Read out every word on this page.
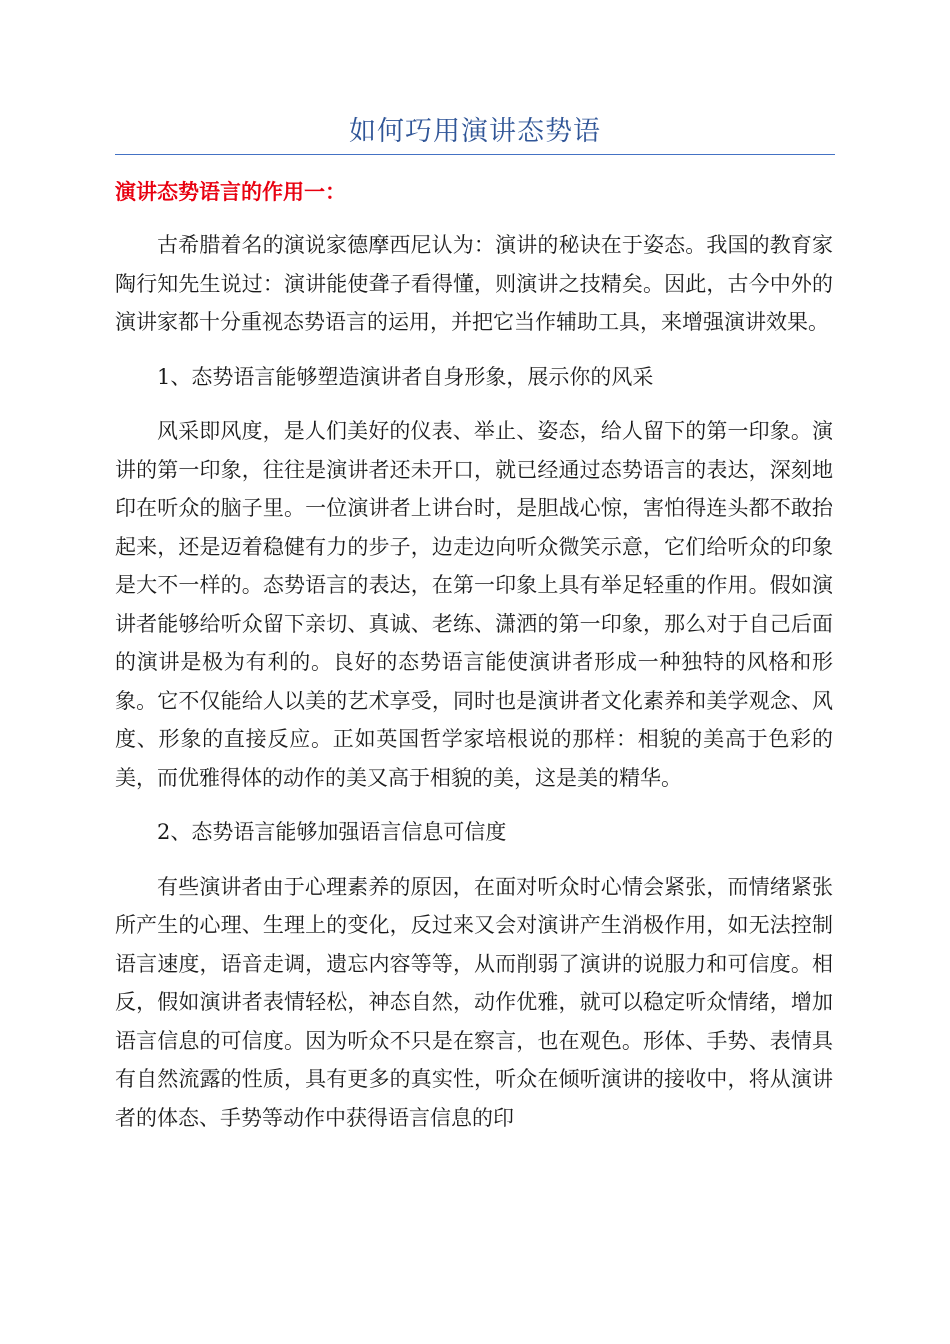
如何巧用演讲态势语
演讲态势语言的作用一：

古希腊着名的演说家德摩西尼认为：演讲的秘诀在于姿态。我国的教育家陶行知先生说过：演讲能使聋子看得懂，则演讲之技精矣。因此，古今中外的演讲家都十分重视态势语言的运用，并把它当作辅助工具，来增强演讲效果。

1、态势语言能够塑造演讲者自身形象，展示你的风采

风采即风度，是人们美好的仪表、举止、姿态，给人留下的第一印象。演讲的第一印象，往往是演讲者还未开口，就已经通过态势语言的表达，深刻地印在听众的脑子里。一位演讲者上讲台时，是胆战心惊，害怕得连头都不敢抬起来，还是迈着稳健有力的步子，边走边向听众微笑示意，它们给听众的印象是大不一样的。态势语言的表达，在第一印象上具有举足轻重的作用。假如演讲者能够给听众留下亲切、真诚、老练、潇洒的第一印象，那么对于自己后面的演讲是极为有利的。良好的态势语言能使演讲者形成一种独特的风格和形象。它不仅能给人以美的艺术享受，同时也是演讲者文化素养和美学观念、风度、形象的直接反应。正如英国哲学家培根说的那样：相貌的美高于色彩的美，而优雅得体的动作的美又高于相貌的美，这是美的精华。

2、态势语言能够加强语言信息可信度

有些演讲者由于心理素养的原因，在面对听众时心情会紧张，而情绪紧张所产生的心理、生理上的变化，反过来又会对演讲产生消极作用，如无法控制语言速度，语音走调，遗忘内容等等，从而削弱了演讲的说服力和可信度。相反，假如演讲者表情轻松，神态自然，动作优雅，就可以稳定听众情绪，增加语言信息的可信度。因为听众不只是在察言，也在观色。形体、手势、表情具有自然流露的性质，具有更多的真实性，听众在倾听演讲的接收中，将从演讲者的体态、手势等动作中获得语言信息的印
